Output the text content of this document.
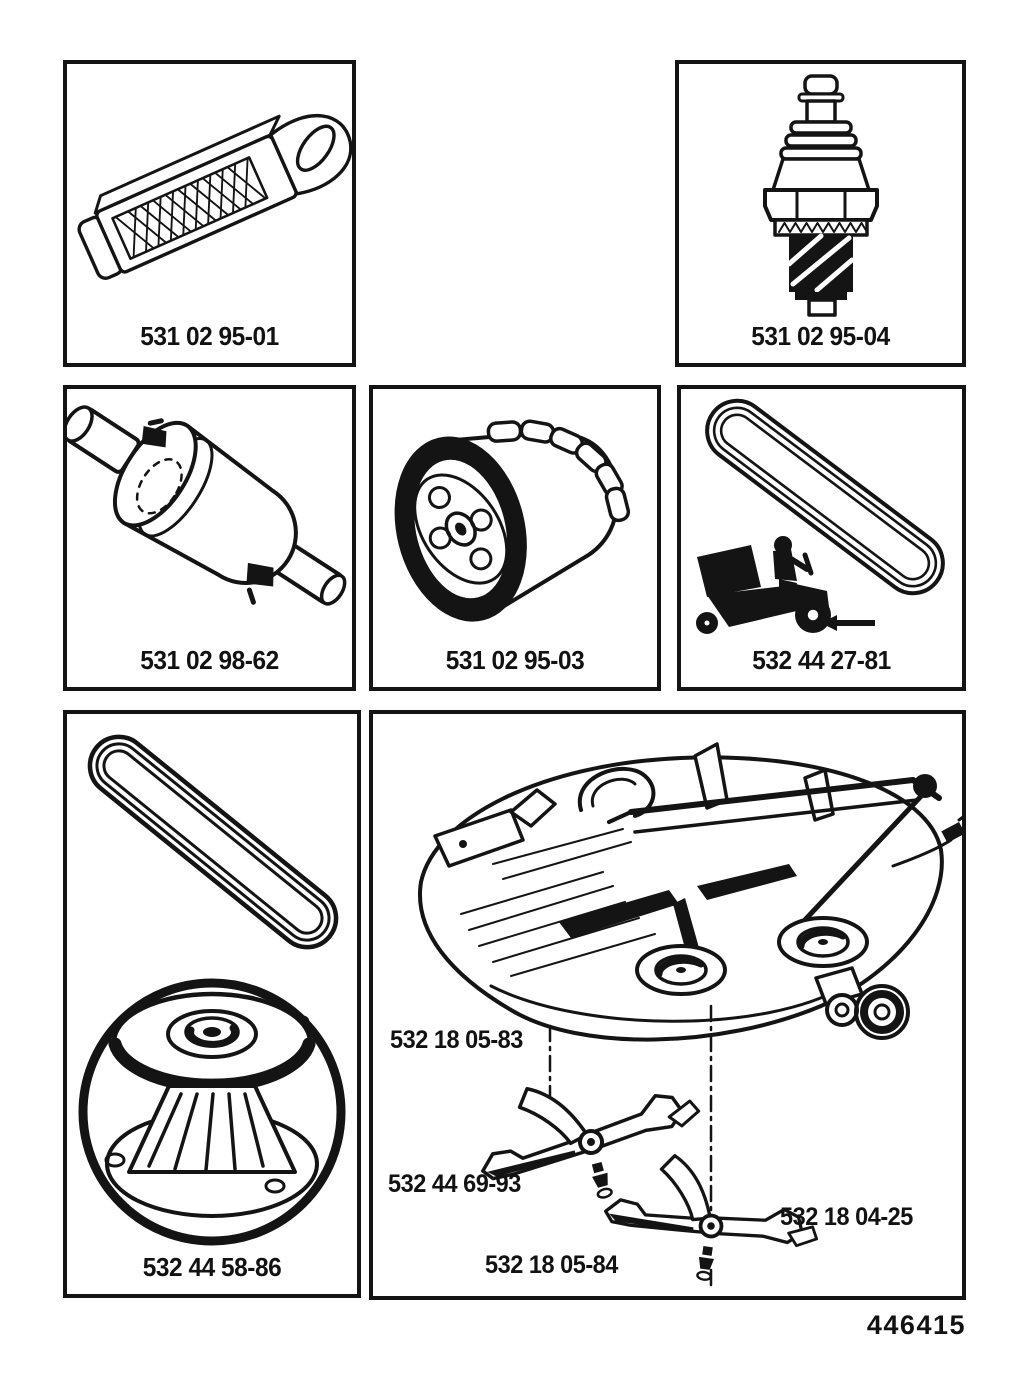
531 02 95-01	531 02 95-04
531 02 98-62	531 02 95-03	532 44 27-81
532 44 58-86
532 18 05-83
532 44 69-93
532 18 05-84
532 18 04-25
446415
